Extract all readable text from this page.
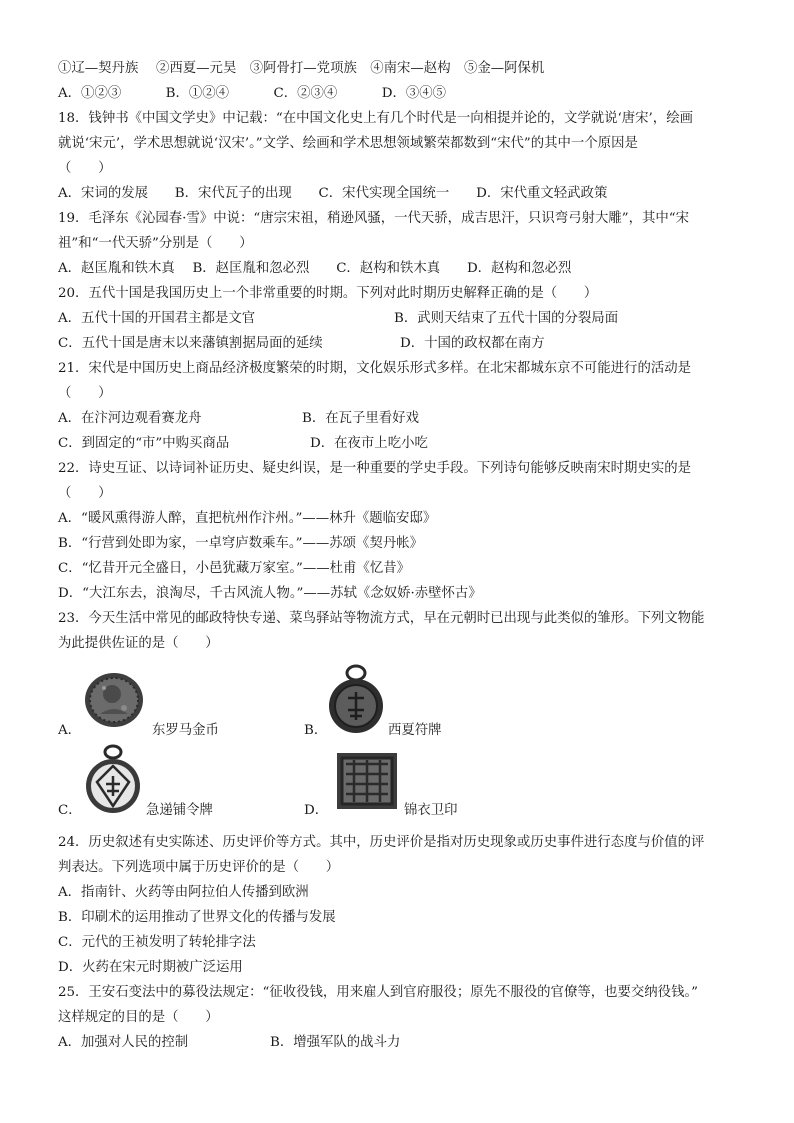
①辽—契丹族　 ②西夏—元昊　③阿骨打—党项族　④南宋—赵构　⑤金—阿保机
A．①②③　　　 B．①②④　　　 C．②③④　　　 D．③④⑤
18．钱钟书《中国文学史》中记载：“在中国文化史上有几个时代是一向相提并论的，文学就说‘唐宋’，绘画
就说‘宋元’，学术思想就说‘汉宋’。”文学、绘画和学术思想领域繁荣都数到“宋代”的其中一个原因是
（　　）
A．宋词的发展　　B．宋代瓦子的出现　　C．宋代实现全国统一　　D．宋代重文轻武政策
19．毛泽东《沁园春·雪》中说：“唐宗宋祖，稍逊风骚，一代天骄，成吉思汗，只识弯弓射大雕”，其中“宋
祖”和“一代天骄”分别是（　　）
A．赵匡胤和铁木真　 B．赵匡胤和忽必烈　　C．赵构和铁木真　　D．赵构和忽必烈
20．五代十国是我国历史上一个非常重要的时期。下列对此时期历史解释正确的是（　　）
A．五代十国的开国君主都是文官	B．武则天结束了五代十国的分裂局面
C．五代十国是唐末以来藩镇割据局面的延续	D．十国的政权都在南方
21．宋代是中国历史上商品经济极度繁荣的时期，文化娱乐形式多样。在北宋都城东京不可能进行的活动是
（　　）
A．在汴河边观看赛龙舟	B．在瓦子里看好戏
C．到固定的“市”中购买商品	D．在夜市上吃小吃
22．诗史互证、以诗词补证历史、疑史纠误，是一种重要的学史手段。下列诗句能够反映南宋时期史实的是
（　　）
A．“暖风熏得游人醉，直把杭州作汴州。”——林升《题临安邸》
B．“行营到处即为家，一卓穹庐数乘车。”——苏颂《契丹帐》
C．“忆昔开元全盛日，小邑犹藏万家室。”——杜甫《忆昔》
D．“大江东去，浪淘尽，千古风流人物。”——苏轼《念奴娇·赤壁怀古》
23．今天生活中常见的邮政特快专递、菜鸟驿站等物流方式，早在元朝时已出现与此类似的雏形。下列文物能
为此提供佐证的是（　　）
A．	东罗马金币	B．	西夏符牌
C．	急递铺令牌	D．	锦衣卫印
24．历史叙述有史实陈述、历史评价等方式。其中，历史评价是指对历史现象或历史事件进行态度与价值的评
判表达。下列选项中属于历史评价的是（　　）
A．指南针、火药等由阿拉伯人传播到欧洲
B．印刷术的运用推动了世界文化的传播与发展
C．元代的王祯发明了转轮排字法
D．火药在宋元时期被广泛运用
25．王安石变法中的募役法规定：“征收役钱，用来雇人到官府服役；原先不服役的官僚等，也要交纳役钱。”
这样规定的目的是（　　）
A．加强对人民的控制	B．增强军队的战斗力
